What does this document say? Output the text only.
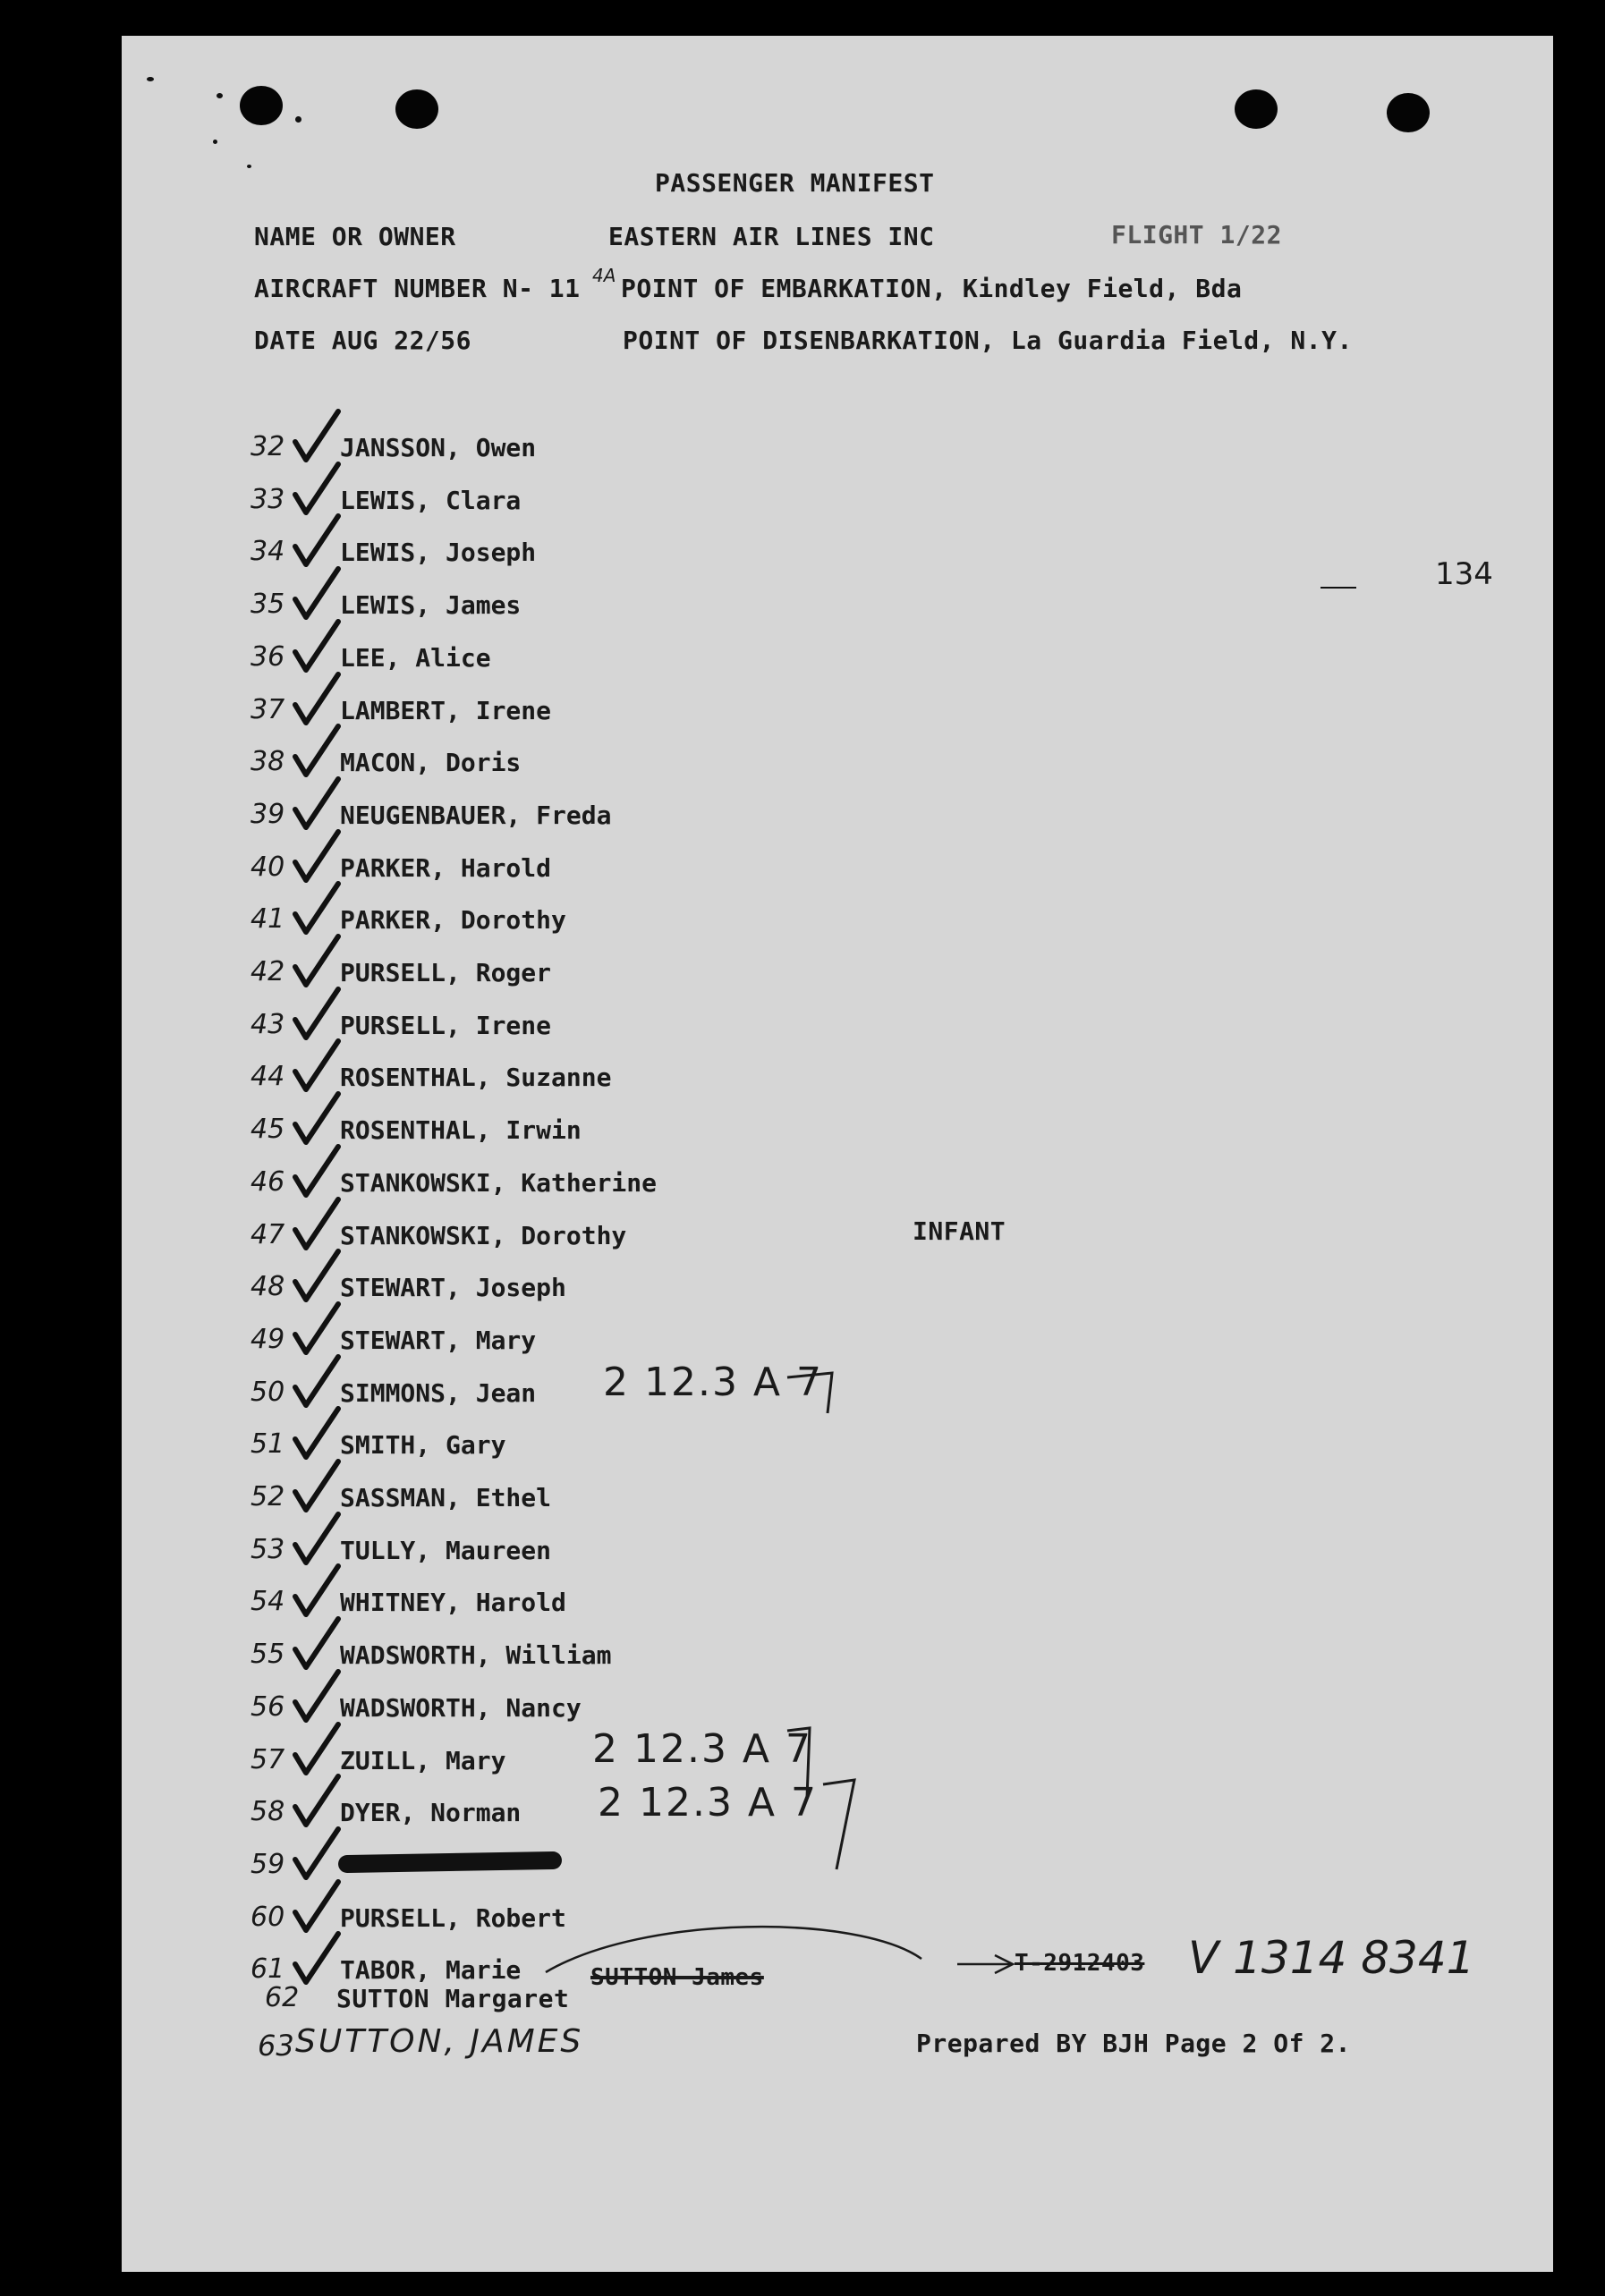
PASSENGER MANIFEST
NAME OR OWNER	EASTERN AIR LINES INC	FLIGHT 1/22
AIRCRAFT NUMBER N- 11 4A POINT OF EMBARKATION, Kindley Field, Bda
DATE AUG 22/56	POINT OF DISENBARKATION, La Guardia Field, N.Y.
134
32 JANSSON, Owen
33 LEWIS, Clara
34 LEWIS, Joseph
35 LEWIS, James
36 LEE, Alice
37 LAMBERT, Irene
38 MACON, Doris
39 NEUGENBAUER, Freda
40 PARKER, Harold
41 PARKER, Dorothy
42 PURSELL, Roger
43 PURSELL, Irene
44 ROSENTHAL, Suzanne
45 ROSENTHAL, Irwin
46 STANKOWSKI, Katherine
47 STANKOWSKI, Dorothy
48 STEWART, Joseph
49 STEWART, Mary
50 SIMMONS, Jean
51 SMITH, Gary
52 SASSMAN, Ethel
53 TULLY, Maureen
54 WHITNEY, Harold
55 WADSWORTH, William
56 WADSWORTH, Nancy
57 ZUILL, Mary
58 DYER, Norman
59
60 PURSELL, Robert
61 TABOR, Marie
INFANT
2 12.3 A 7
2 12.3 A 7
2 12.3 A 7
SUTTON James
T-2912403 V 1314 8341
62 SUTTON Margaret
63 SUTTON, JAMES	Prepared BY BJH Page 2 Of 2.
